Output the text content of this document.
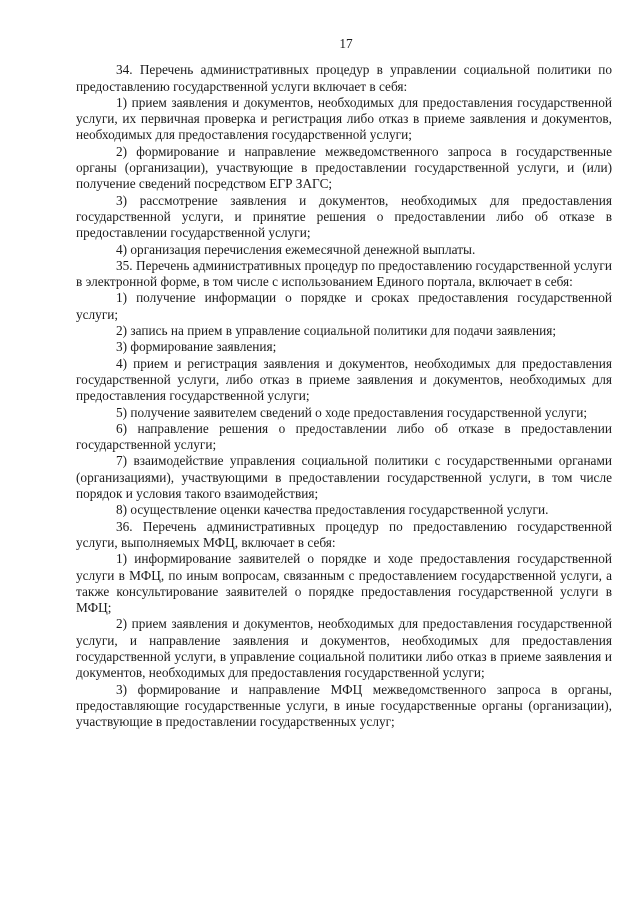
17

34. Перечень административных процедур в управлении социальной политики по предоставлению государственной услуги включает в себя:

1) прием заявления и документов, необходимых для предоставления государственной услуги, их первичная проверка и регистрация либо отказ в приеме заявления и документов, необходимых для предоставления государственной услуги;

2) формирование и направление межведомственного запроса в государственные органы (организации), участвующие в предоставлении государственной услуги, и (или) получение сведений посредством ЕГР ЗАГС;

3) рассмотрение заявления и документов, необходимых для предоставления государственной услуги, и принятие решения о предоставлении либо об отказе в предоставлении государственной услуги;

4) организация перечисления ежемесячной денежной выплаты.

35. Перечень административных процедур по предоставлению государственной услуги в электронной форме, в том числе с использованием Единого портала, включает в себя:

1) получение информации о порядке и сроках предоставления государственной услуги;

2) запись на прием в управление социальной политики для подачи заявления;

3) формирование заявления;

4) прием и регистрация заявления и документов, необходимых для предоставления государственной услуги, либо отказ в приеме заявления и документов, необходимых для предоставления государственной услуги;

5) получение заявителем сведений о ходе предоставления государственной услуги;

6) направление решения о предоставлении либо об отказе в предоставлении государственной услуги;

7) взаимодействие управления социальной политики с государственными органами (организациями), участвующими в предоставлении государственной услуги, в том числе порядок и условия такого взаимодействия;

8) осуществление оценки качества предоставления государственной услуги.

36. Перечень административных процедур по предоставлению государственной услуги, выполняемых МФЦ, включает в себя:

1) информирование заявителей о порядке и ходе предоставления государственной услуги в МФЦ, по иным вопросам, связанным с предоставлением государственной услуги, а также консультирование заявителей о порядке предоставления государственной услуги в МФЦ;

2) прием заявления и документов, необходимых для предоставления государственной услуги, и направление заявления и документов, необходимых для предоставления государственной услуги, в управление социальной политики либо отказ в приеме заявления и документов, необходимых для предоставления государственной услуги;

3) формирование и направление МФЦ межведомственного запроса в органы, предоставляющие государственные услуги, в иные государственные органы (организации), участвующие в предоставлении государственных услуг;
